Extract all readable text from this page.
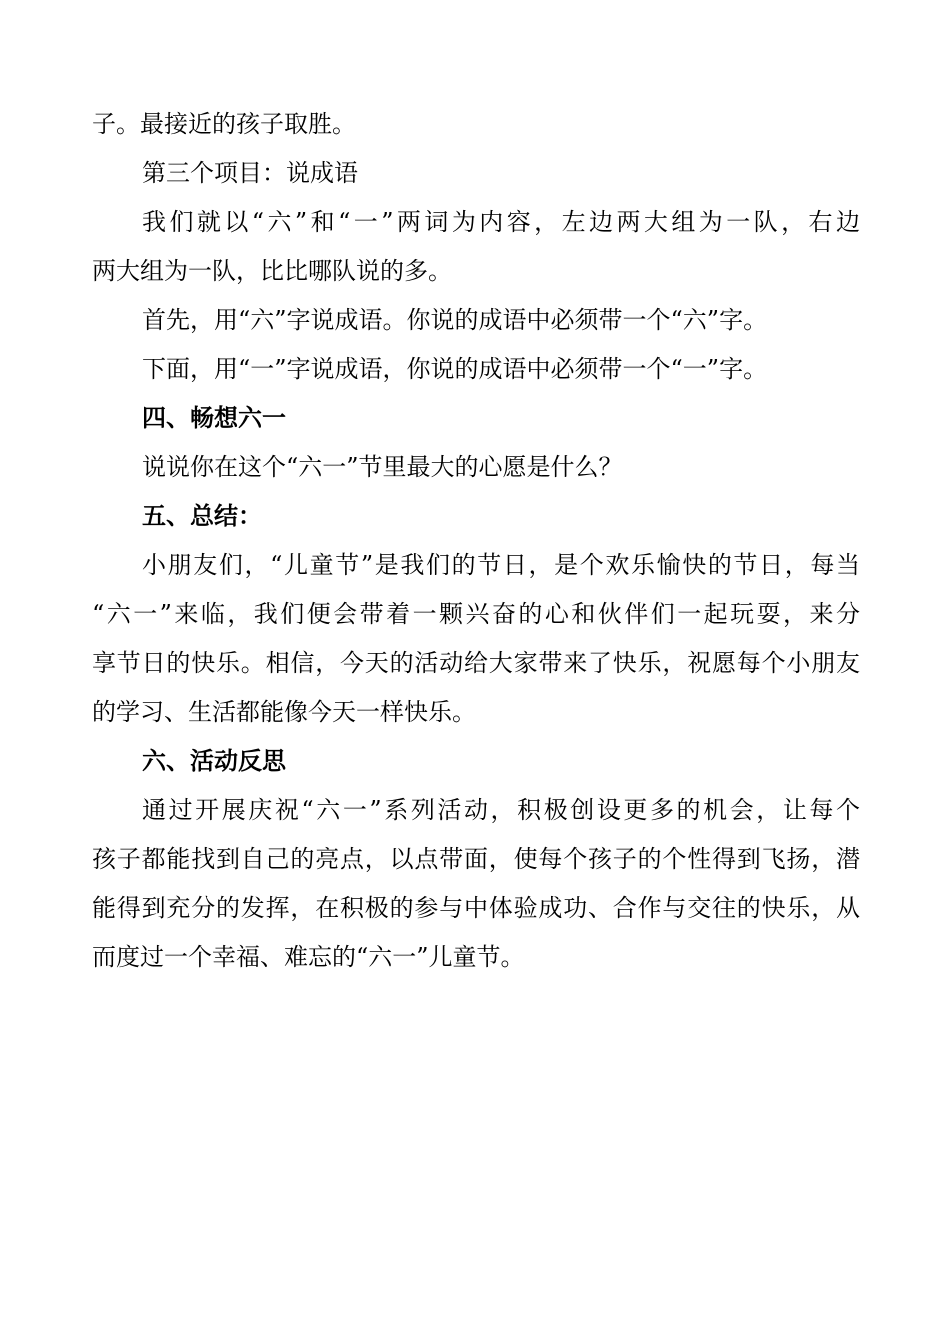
子。最接近的孩子取胜。
第三个项目：说成语
我们就以“六”和“一”两词为内容，左边两大组为一队，右边
两大组为一队，比比哪队说的多。
首先，用“六”字说成语。你说的成语中必须带一个“六”字。
下面，用“一”字说成语，你说的成语中必须带一个“一”字。
四、畅想六一
说说你在这个“六一”节里最大的心愿是什么？
五、总结：
小朋友们，“儿童节”是我们的节日，是个欢乐愉快的节日，每当
“六一”来临，我们便会带着一颗兴奋的心和伙伴们一起玩耍，来分
享节日的快乐。相信，今天的活动给大家带来了快乐，祝愿每个小朋友
的学习、生活都能像今天一样快乐。
六、活动反思
通过开展庆祝“六一”系列活动，积极创设更多的机会，让每个
孩子都能找到自己的亮点，以点带面，使每个孩子的个性得到飞扬，潜
能得到充分的发挥，在积极的参与中体验成功、合作与交往的快乐，从
而度过一个幸福、难忘的“六一”儿童节。
